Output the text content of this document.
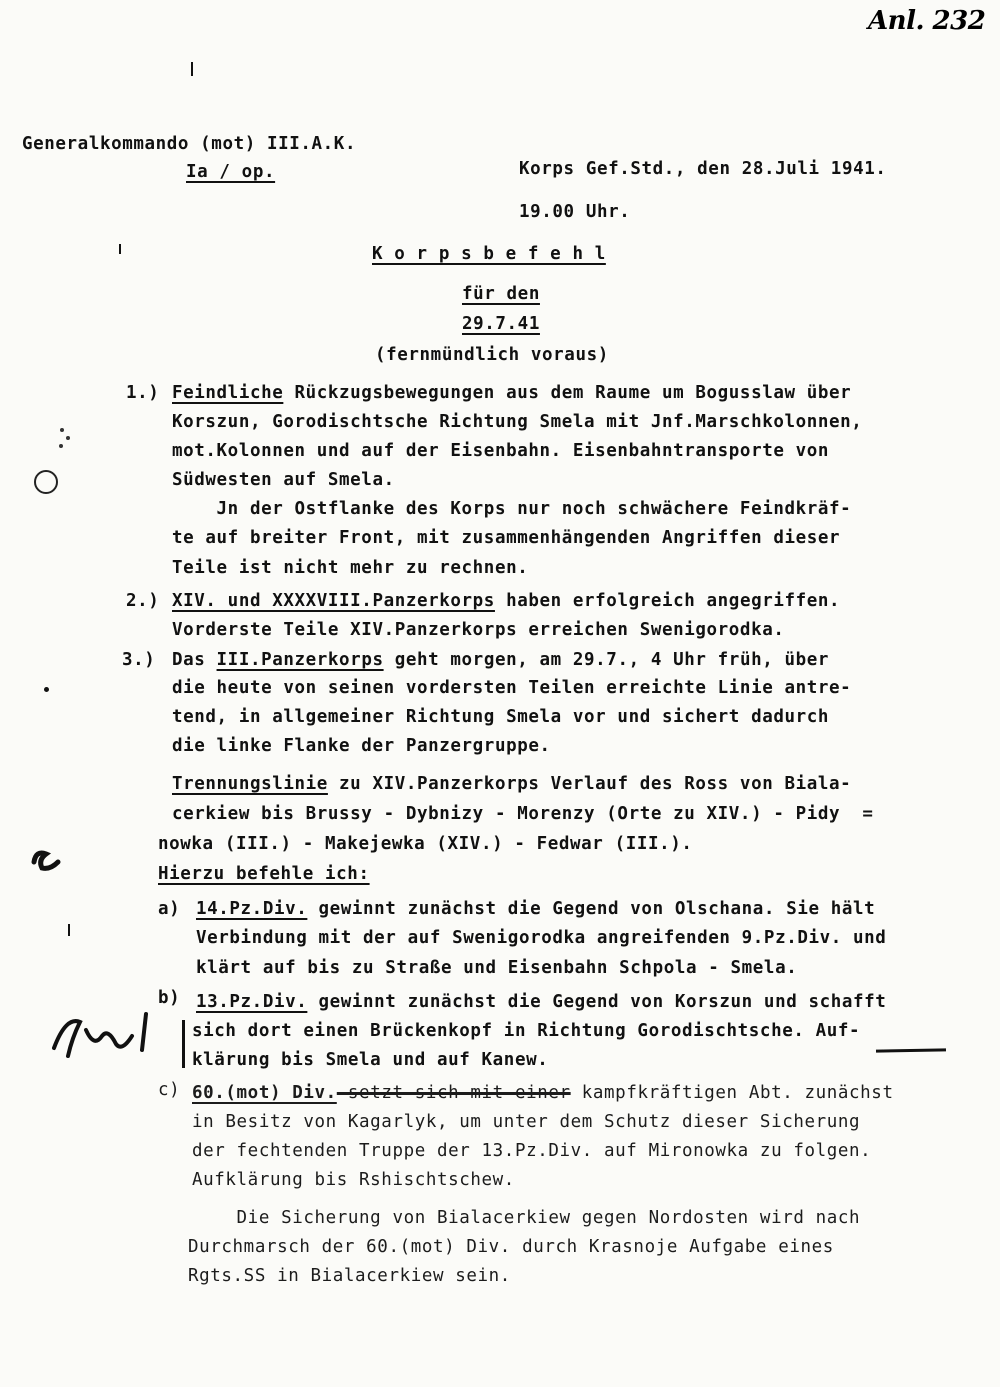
Anl. 232
Generalkommando (mot) III.A.K.
Ia / op.	Korps Gef.Std., den 28.Juli 1941.
19.00 Uhr.
K o r p s b e f e h l
für den
29.7.41
(fernmündlich voraus)
1.) Feindliche Rückzugsbewegungen aus dem Raume um Bogusslaw über
Korszun, Gorodischtsche Richtung Smela mit Jnf.Marschkolonnen,
mot.Kolonnen und auf der Eisenbahn. Eisenbahntransporte von
Südwesten auf Smela.
Jn der Ostflanke des Korps nur noch schwächere Feindkräf-
te auf breiter Front, mit zusammenhängenden Angriffen dieser
Teile ist nicht mehr zu rechnen.
2.) XIV. und XXXXVIII.Panzerkorps haben erfolgreich angegriffen.
Vorderste Teile XIV.Panzerkorps erreichen Swenigorodka.
3.) Das III.Panzerkorps geht morgen, am 29.7., 4 Uhr früh, über
die heute von seinen vordersten Teilen erreichte Linie antre-
tend, in allgemeiner Richtung Smela vor und sichert dadurch
die linke Flanke der Panzergruppe.
Trennungslinie zu XIV.Panzerkorps Verlauf des Ross von Biala-
cerkiew bis Brussy - Dybnizy - Morenzy (Orte zu XIV.) - Pidy  =
nowka (III.) - Makejewka (XIV.) - Fedwar (III.).
Hierzu befehle ich:
a) 14.Pz.Div. gewinnt zunächst die Gegend von Olschana. Sie hält
Verbindung mit der auf Swenigorodka angreifenden 9.Pz.Div. und
klärt auf bis zu Straße und Eisenbahn Schpola - Smela.
b) 13.Pz.Div. gewinnt zunächst die Gegend von Korszun und schafft
sich dort einen Brückenkopf in Richtung Gorodischtsche. Auf-
klärung bis Smela und auf Kanew.
c) 60.(mot) Div. setzt sich mit einer kampfkräftigen Abt. zunächst
in Besitz von Kagarlyk, um unter dem Schutz dieser Sicherung
der fechtenden Truppe der 13.Pz.Div. auf Mironowka zu folgen.
Aufklärung bis Rshischtschew.
Die Sicherung von Bialacerkiew gegen Nordosten wird nach
Durchmarsch der 60.(mot) Div. durch Krasnoje Aufgabe eines
Rgts.SS in Bialacerkiew sein.
